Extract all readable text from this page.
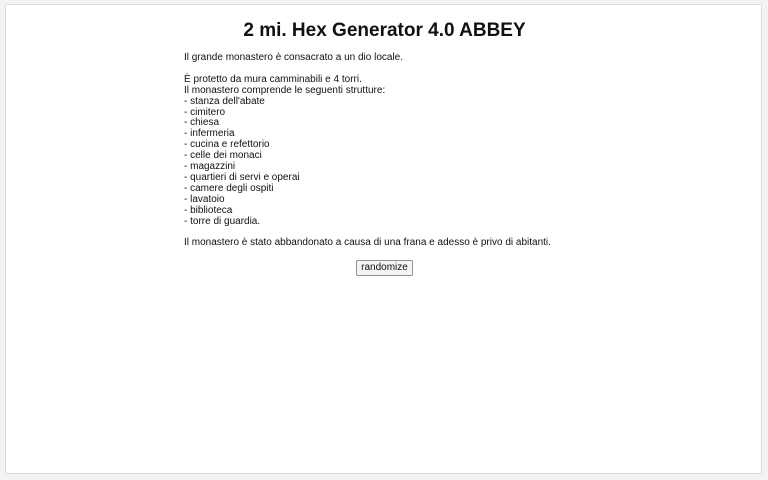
2 mi. Hex Generator 4.0 ABBEY

Il grande monastero è consacrato a un dio locale.

È protetto da mura camminabili e 4 torri.

Il monastero comprende le seguenti strutture:

- stanza dell'abate
- cimitero
- chiesa
- infermeria
- cucina e refettorio
- celle dei monaci
- magazzini
- quartieri di servi e operai
- camere degli ospiti
- lavatoio
- biblioteca
- torre di guardia.

Il monastero è stato abbandonato a causa di una frana e adesso è privo di abitanti.

randomize
